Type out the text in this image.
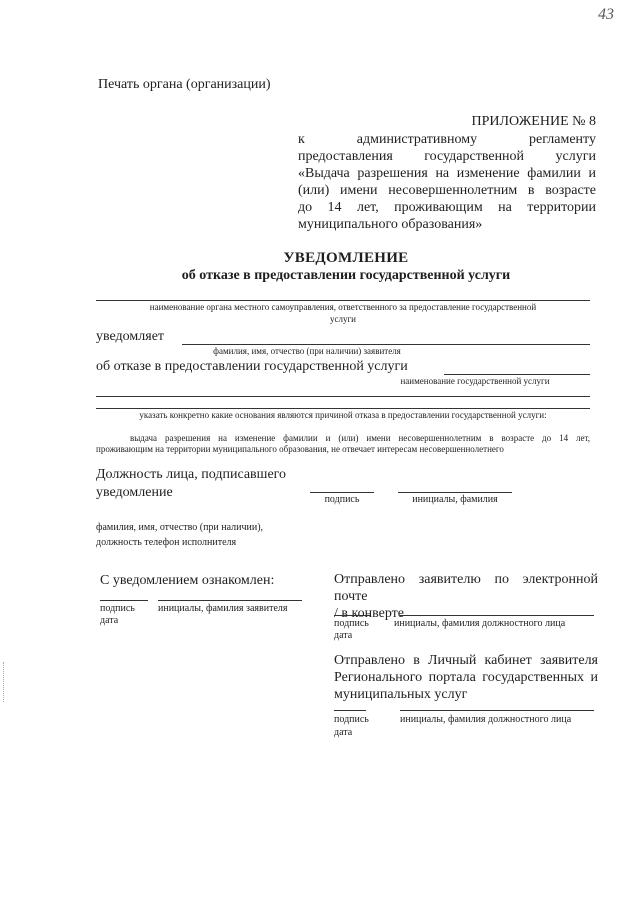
43
Печать органа (организации)
ПРИЛОЖЕНИЕ № 8
к административному регламенту
предоставления государственной услуги
«Выдача разрешения на изменение фамилии и
(или) имени несовершеннолетним в возрасте
до 14 лет, проживающим на территории
муниципального образования»
УВЕДОМЛЕНИЕ
об отказе в предоставлении государственной услуги
наименование органа местного самоуправления, ответственного за предоставление государственной
услуги
уведомляет
фамилия, имя, отчество (при наличии) заявителя
об отказе в предоставлении государственной услуги
наименование государственной услуги
указать конкретно какие основания являются причиной отказа в предоставлении государственной услуги:
выдача разрешения на изменение фамилии и (или) имени несовершеннолетним в возрасте до 14 лет,
проживающим на территории муниципального образования, не отвечает интересам несовершеннолетнего
Должность лица, подписавшего
уведомление	подпись	инициалы, фамилия
фамилия, имя, отчество (при наличии),
должность телефон исполнителя
С уведомлением ознакомлен:
подпись инициалы, фамилия заявителя
дата
Отправлено заявителю по электронной почте
/ в конверте
подпись	инициалы, фамилия должностного лица
дата
Отправлено в Личный кабинет заявителя
Регионального портала государственных и
муниципальных услуг
подпись	инициалы, фамилия должностного лица
дата
